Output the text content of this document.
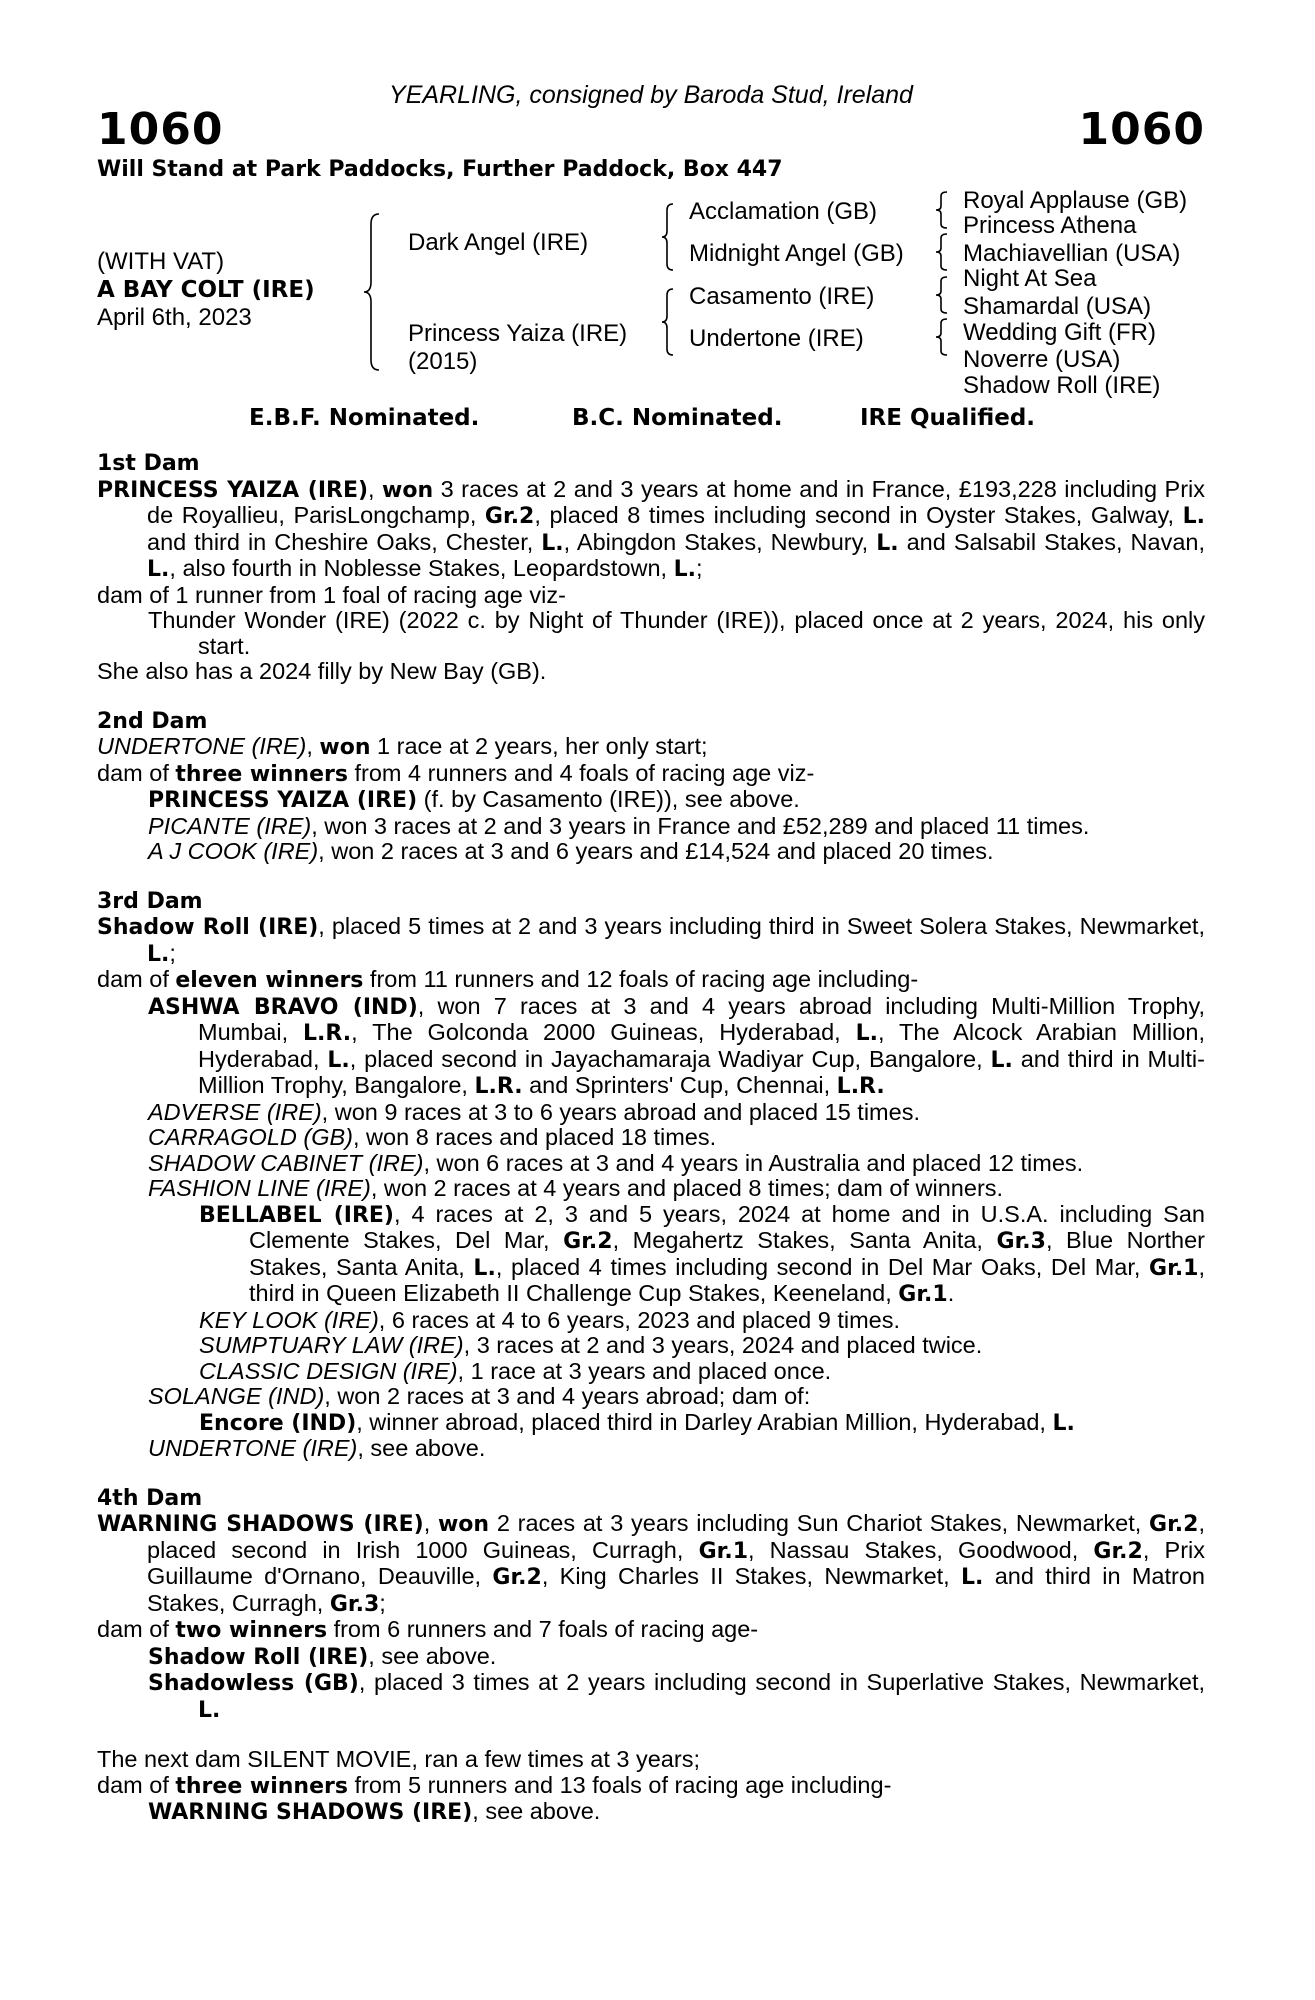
YEARLING, consigned by Baroda Stud, Ireland
1060	1060
Will Stand at Park Paddocks, Further Paddock, Box 447
(WITH VAT)
A BAY COLT (IRE)
April 6th, 2023
Dark Angel (IRE)
Princess Yaiza (IRE)
(2015)
Acclamation (GB)
Midnight Angel (GB)
Casamento (IRE)
Undertone (IRE)
Royal Applause (GB)
Princess Athena
Machiavellian (USA)
Night At Sea
Shamardal (USA)
Wedding Gift (FR)
Noverre (USA)
Shadow Roll (IRE)
E.B.F. Nominated.	B.C. Nominated.	IRE Qualified.
1st Dam
PRINCESS YAIZA (IRE), won 3 races at 2 and 3 years at home and in France, £193,228 including Prix de Royallieu, ParisLongchamp, Gr.2, placed 8 times including second in Oyster Stakes, Galway, L. and third in Cheshire Oaks, Chester, L., Abingdon Stakes, Newbury, L. and Salsabil Stakes, Navan, L., also fourth in Noblesse Stakes, Leopardstown, L.;
dam of 1 runner from 1 foal of racing age viz-
Thunder Wonder (IRE) (2022 c. by Night of Thunder (IRE)), placed once at 2 years, 2024, his only start.
She also has a 2024 filly by New Bay (GB).
2nd Dam
UNDERTONE (IRE), won 1 race at 2 years, her only start;
dam of three winners from 4 runners and 4 foals of racing age viz-
PRINCESS YAIZA (IRE) (f. by Casamento (IRE)), see above.
PICANTE (IRE), won 3 races at 2 and 3 years in France and £52,289 and placed 11 times.
A J COOK (IRE), won 2 races at 3 and 6 years and £14,524 and placed 20 times.
3rd Dam
Shadow Roll (IRE), placed 5 times at 2 and 3 years including third in Sweet Solera Stakes, Newmarket, L.;
dam of eleven winners from 11 runners and 12 foals of racing age including-
ASHWA BRAVO (IND), won 7 races at 3 and 4 years abroad including Multi-Million Trophy, Mumbai, L.R., The Golconda 2000 Guineas, Hyderabad, L., The Alcock Arabian Million, Hyderabad, L., placed second in Jayachamaraja Wadiyar Cup, Bangalore, L. and third in Multi-Million Trophy, Bangalore, L.R. and Sprinters' Cup, Chennai, L.R.
ADVERSE (IRE), won 9 races at 3 to 6 years abroad and placed 15 times.
CARRAGOLD (GB), won 8 races and placed 18 times.
SHADOW CABINET (IRE), won 6 races at 3 and 4 years in Australia and placed 12 times.
FASHION LINE (IRE), won 2 races at 4 years and placed 8 times; dam of winners.
BELLABEL (IRE), 4 races at 2, 3 and 5 years, 2024 at home and in U.S.A. including San Clemente Stakes, Del Mar, Gr.2, Megahertz Stakes, Santa Anita, Gr.3, Blue Norther Stakes, Santa Anita, L., placed 4 times including second in Del Mar Oaks, Del Mar, Gr.1, third in Queen Elizabeth II Challenge Cup Stakes, Keeneland, Gr.1.
KEY LOOK (IRE), 6 races at 4 to 6 years, 2023 and placed 9 times.
SUMPTUARY LAW (IRE), 3 races at 2 and 3 years, 2024 and placed twice.
CLASSIC DESIGN (IRE), 1 race at 3 years and placed once.
SOLANGE (IND), won 2 races at 3 and 4 years abroad; dam of:
Encore (IND), winner abroad, placed third in Darley Arabian Million, Hyderabad, L.
UNDERTONE (IRE), see above.
4th Dam
WARNING SHADOWS (IRE), won 2 races at 3 years including Sun Chariot Stakes, Newmarket, Gr.2, placed second in Irish 1000 Guineas, Curragh, Gr.1, Nassau Stakes, Goodwood, Gr.2, Prix Guillaume d'Ornano, Deauville, Gr.2, King Charles II Stakes, Newmarket, L. and third in Matron Stakes, Curragh, Gr.3;
dam of two winners from 6 runners and 7 foals of racing age-
Shadow Roll (IRE), see above.
Shadowless (GB), placed 3 times at 2 years including second in Superlative Stakes, Newmarket, L.
The next dam SILENT MOVIE, ran a few times at 3 years;
dam of three winners from 5 runners and 13 foals of racing age including-
WARNING SHADOWS (IRE), see above.
